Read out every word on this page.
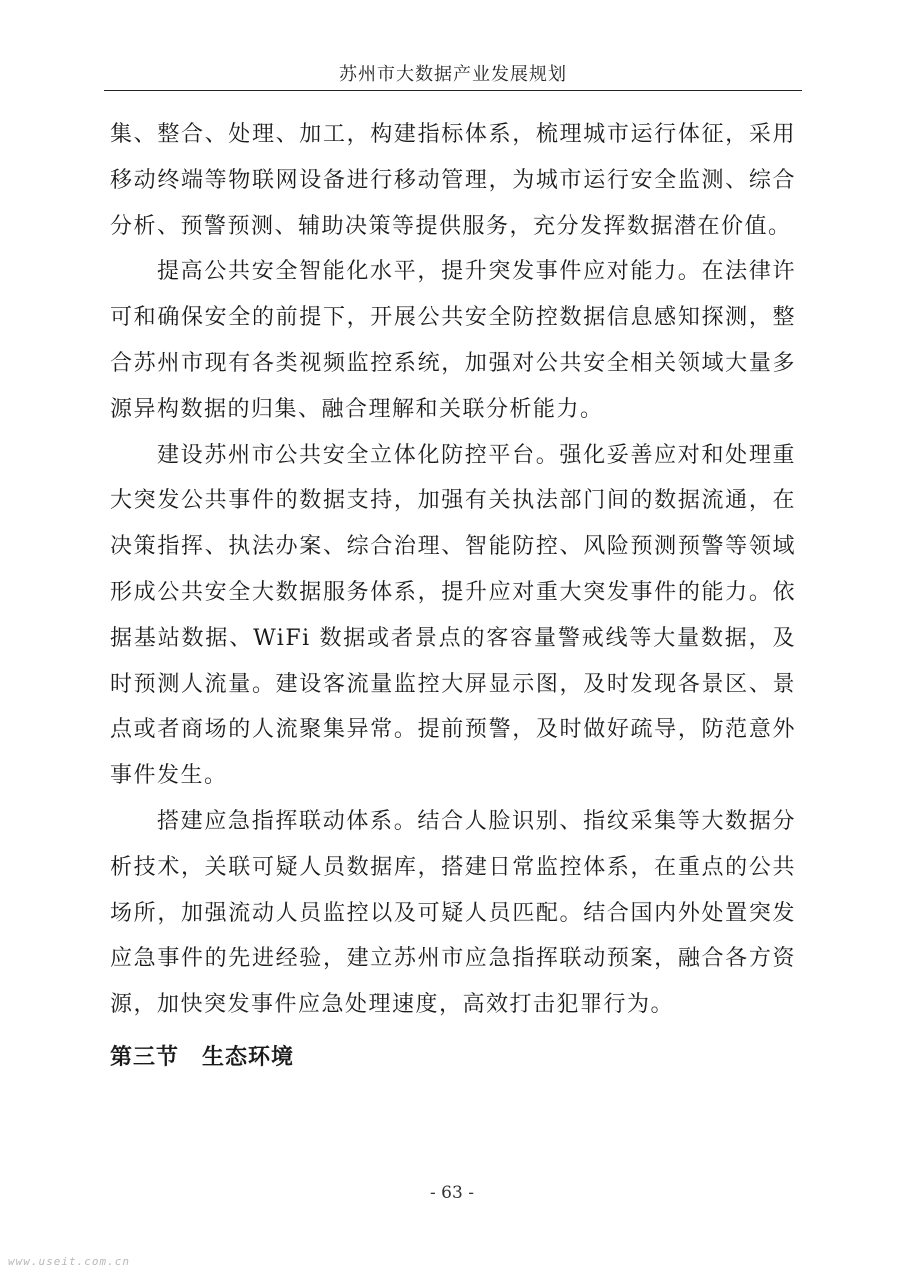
苏州市大数据产业发展规划

集、整合、处理、加工，构建指标体系，梳理城市运行体征，采用移动终端等物联网设备进行移动管理，为城市运行安全监测、综合分析、预警预测、辅助决策等提供服务，充分发挥数据潜在价值。

提高公共安全智能化水平，提升突发事件应对能力。在法律许可和确保安全的前提下，开展公共安全防控数据信息感知探测，整合苏州市现有各类视频监控系统，加强对公共安全相关领域大量多源异构数据的归集、融合理解和关联分析能力。

建设苏州市公共安全立体化防控平台。强化妥善应对和处理重大突发公共事件的数据支持，加强有关执法部门间的数据流通，在决策指挥、执法办案、综合治理、智能防控、风险预测预警等领域形成公共安全大数据服务体系，提升应对重大突发事件的能力。依据基站数据、WiFi 数据或者景点的客容量警戒线等大量数据，及时预测人流量。建设客流量监控大屏显示图，及时发现各景区、景点或者商场的人流聚集异常。提前预警，及时做好疏导，防范意外事件发生。

搭建应急指挥联动体系。结合人脸识别、指纹采集等大数据分析技术，关联可疑人员数据库，搭建日常监控体系，在重点的公共场所，加强流动人员监控以及可疑人员匹配。结合国内外处置突发应急事件的先进经验，建立苏州市应急指挥联动预案，融合各方资源，加快突发事件应急处理速度，高效打击犯罪行为。

第三节　生态环境
- 63 -
www.useit.com.cn
